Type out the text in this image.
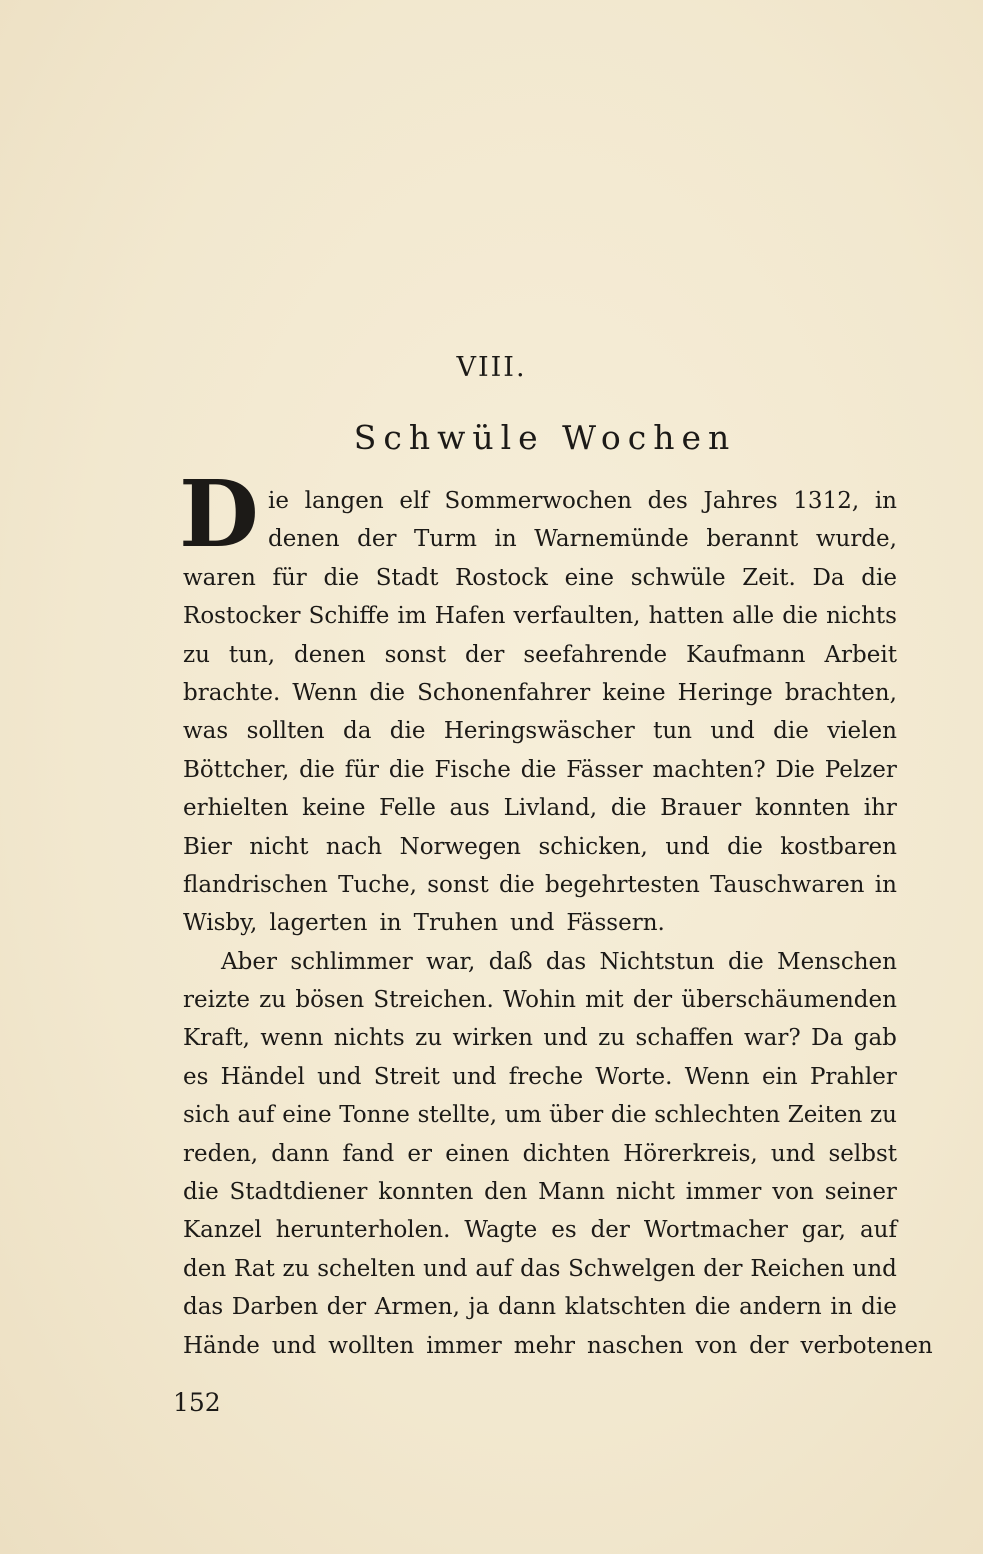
VIII.
Schwüle Wochen
D ie langen elf Sommerwochen des Jahres 1312, in
denen der Turm in Warnemünde berannt wurde,
waren für die Stadt Rostock eine schwüle Zeit. Da die
Rostocker Schiffe im Hafen verfaulten, hatten alle die nichts
zu tun, denen sonst der seefahrende Kaufmann Arbeit
brachte. Wenn die Schonenfahrer keine Heringe brachten,
was sollten da die Heringswäscher tun und die vielen
Böttcher, die für die Fische die Fässer machten? Die Pelzer
erhielten keine Felle aus Livland, die Brauer konnten ihr
Bier nicht nach Norwegen schicken, und die kostbaren
flandrischen Tuche, sonst die begehrtesten Tauschwaren in
Wisby, lagerten in Truhen und Fässern.
Aber schlimmer war, daß das Nichtstun die Menschen
reizte zu bösen Streichen. Wohin mit der überschäumenden
Kraft, wenn nichts zu wirken und zu schaffen war? Da gab
es Händel und Streit und freche Worte. Wenn ein Prahler
sich auf eine Tonne stellte, um über die schlechten Zeiten zu
reden, dann fand er einen dichten Hörerkreis, und selbst
die Stadtdiener konnten den Mann nicht immer von seiner
Kanzel herunterholen. Wagte es der Wortmacher gar, auf
den Rat zu schelten und auf das Schwelgen der Reichen und
das Darben der Armen, ja dann klatschten die andern in die
Hände und wollten immer mehr naschen von der verbotenen
152
